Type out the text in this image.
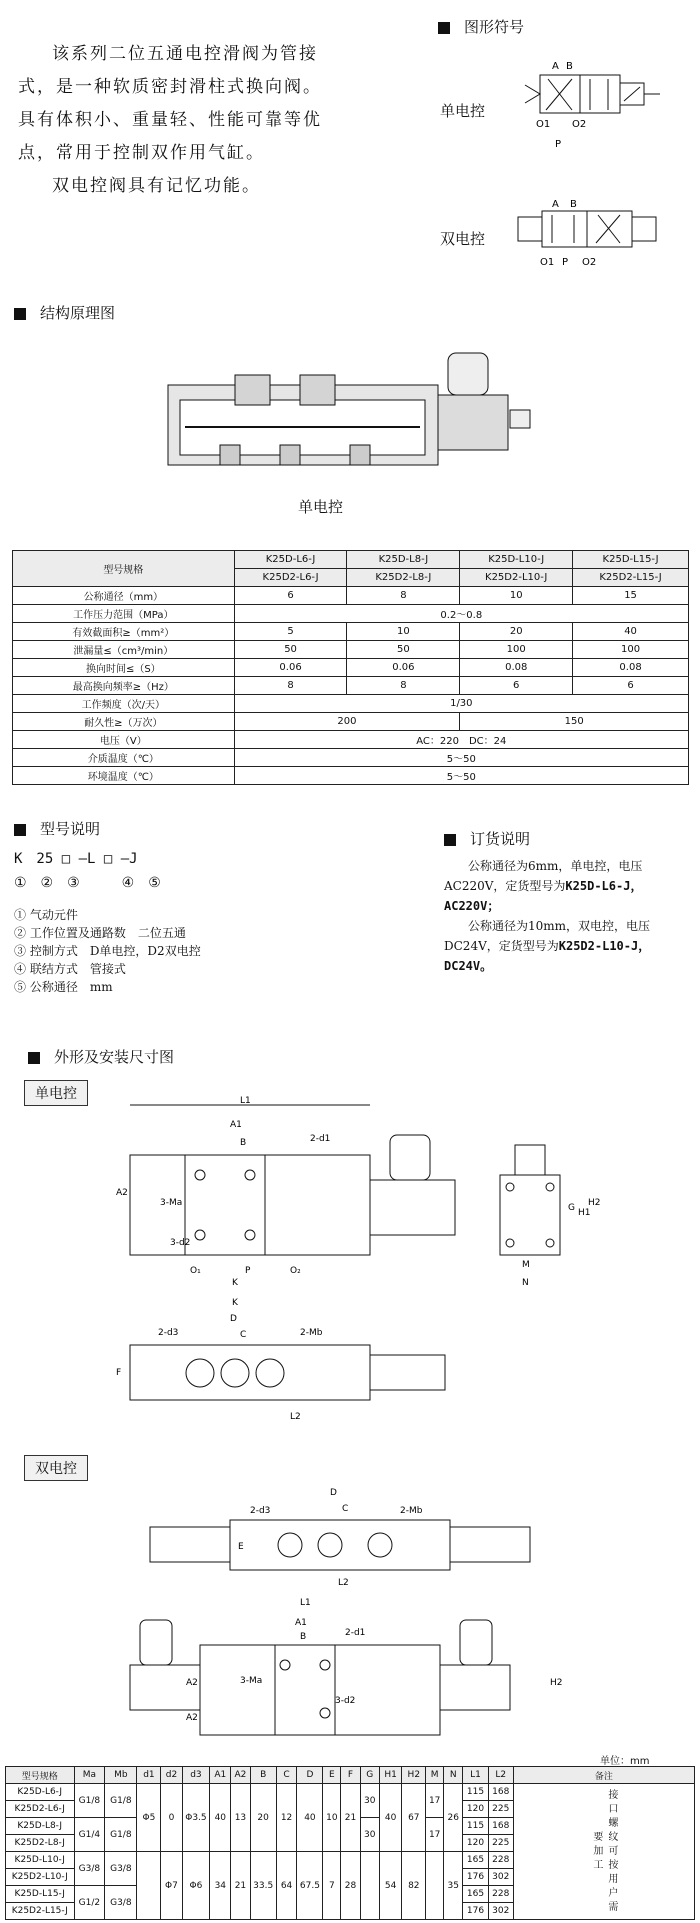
该系列二位五通电控滑阀为管接式，是一种软质密封滑柱式换向阀。具有体积小、重量轻、性能可靠等优点，常用于控制双作用气缸。

双电控阀具有记忆功能。

图形符号
单电控
双电控
A B
O1 O2
P
A B
O1 P O2
结构原理图
单电控
型号规格	K25D-L6-J	K25D-L8-J	K25D-L10-J	K25D-L15-J
	K25D2-L6-J	K25D2-L8-J	K25D2-L10-J	K25D2-L15-J
公称通径（mm）	6	8	10	15
工作压力范围（MPa）	0.2～0.8			
有效截面积≥（mm²）	5	10	20	40
泄漏量≤（cm³/min）	50	50	100	100
换向时间≤（S）	0.06	0.06	0.08	0.08
最高换向频率≥（Hz）	8	8	6	6
工作频度（次/天）	1/30			
耐久性≥（万次）	200		150	
电压（V）	AC：220　DC：24			
介质温度（℃）	5～50			
环境温度（℃）	5～50			
型号说明
K　25 □ —L □ —J
①　②　③　　　④　⑤
① 气动元件
② 工作位置及通路数　二位五通
③ 控制方式　D单电控，D2双电控
④ 联结方式　管接式
⑤ 公称通径　mm
订货说明
公称通径为6mm，单电控，电压AC220V，定货型号为K25D-L6-J，AC220V；
公称通径为10mm，双电控，电压DC24V，定货型号为K25D2-L10-J，DC24V。
外形及安装尺寸图
单电控	L1
A1
B	2-d1
3-Ma
A2
3-d2
O₁	P	O₂
K
G H1
H2
M
N
K
D
C
2-d3	2-Mb
F
L2
双电控
D
C
2-d3	2-Mb
E
L2
L1
A1
B	2-d1
3-Ma
3-d2
A2
A2
H2
单位：mm
型号规格	Ma	Mb	d1	d2	d3	A1	A2	B	C	D	E	F	G	H1	H2	M	N	L1	L2	备注
K25D-L6-J	G1/8	G1/8	Φ5	0	Φ3.5	40	13	20	12	40	10	21	30	40	67	17	26	115	168	接口螺纹可按用户需要加工
K25D2-L6-J																		120	225	
K25D-L8-J	G1/4	G1/8											30			17		115	168	
K25D2-L8-J																		120	225	
K25D-L10-J	G3/8	G3/8		Φ7	Φ6	34	21	33.5	64	67.5	7	28		54	82		35	165	228	
K25D2-L10-J																		176	302	
K25D-L15-J	G1/2	G3/8																165	228	
K25D2-L15-J																		176	302	
